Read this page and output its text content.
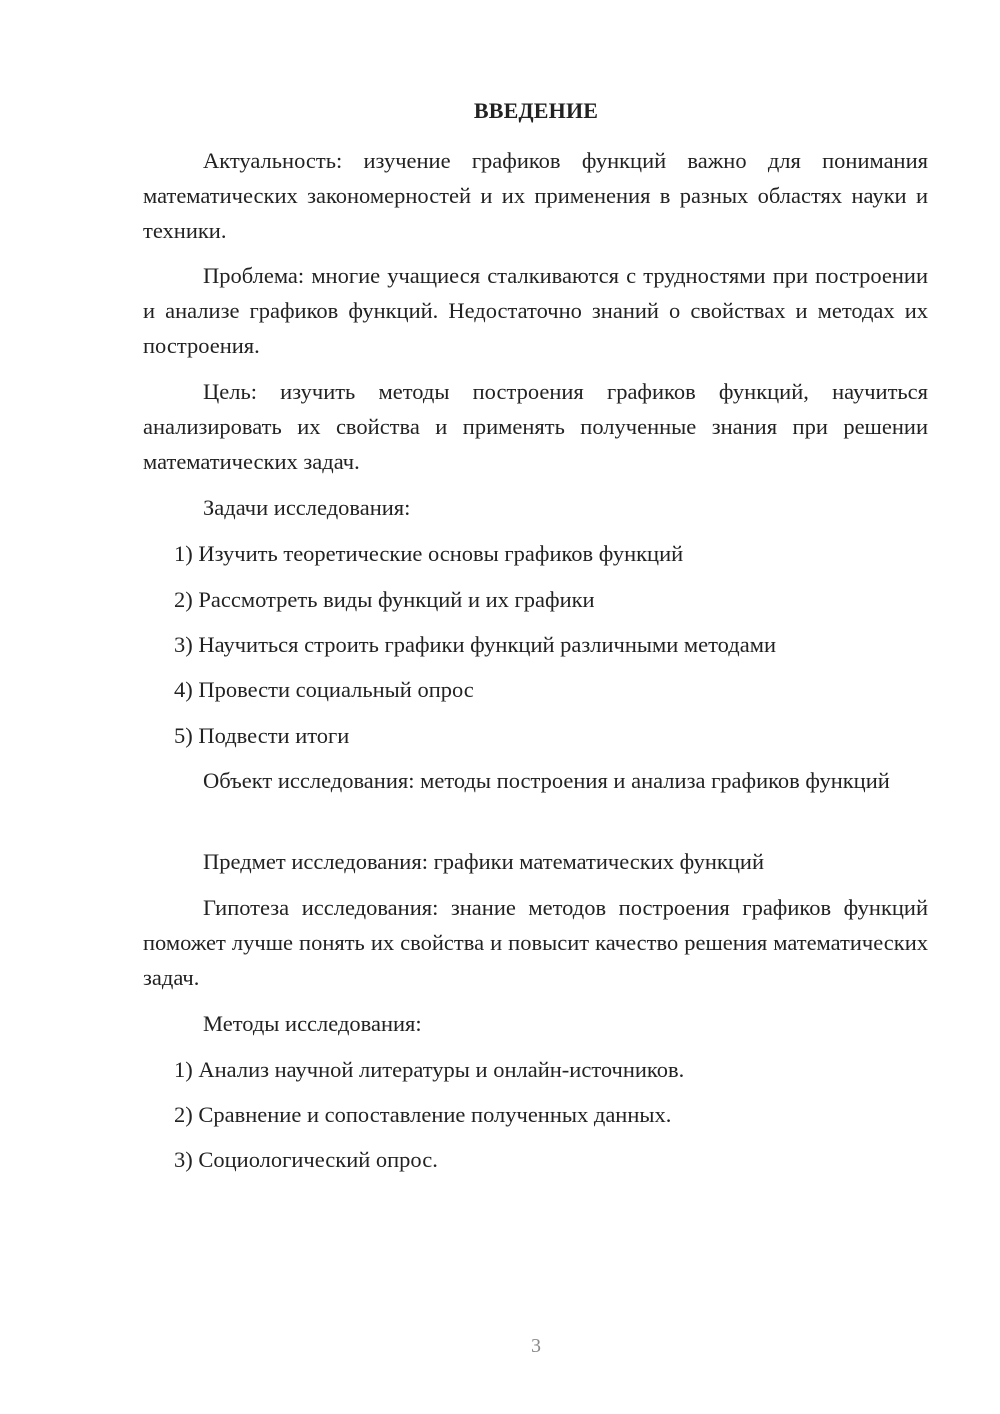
ВВЕДЕНИЕ

Актуальность: изучение графиков функций важно для понимания математических закономерностей и их применения в разных областях науки и техники.

Проблема: многие учащиеся сталкиваются с трудностями при построении и анализе графиков функций. Недостаточно знаний о свойствах и методах их построения.

Цель: изучить методы построения графиков функций, научиться анализировать их свойства и применять полученные знания при решении математических задач.

Задачи исследования:

1) Изучить теоретические основы графиков функций

2) Рассмотреть виды функций и их графики

3) Научиться строить графики функций различными методами

4) Провести социальный опрос

5) Подвести итоги

Объект исследования: методы построения и анализа графиков функций

Предмет исследования: графики математических функций

Гипотеза исследования: знание методов построения графиков функций поможет лучше понять их свойства и повысит качество решения математических задач.

Методы исследования:

1) Анализ научной литературы и онлайн-источников.

2) Сравнение и сопоставление полученных данных.

3) Социологический опрос.

3
